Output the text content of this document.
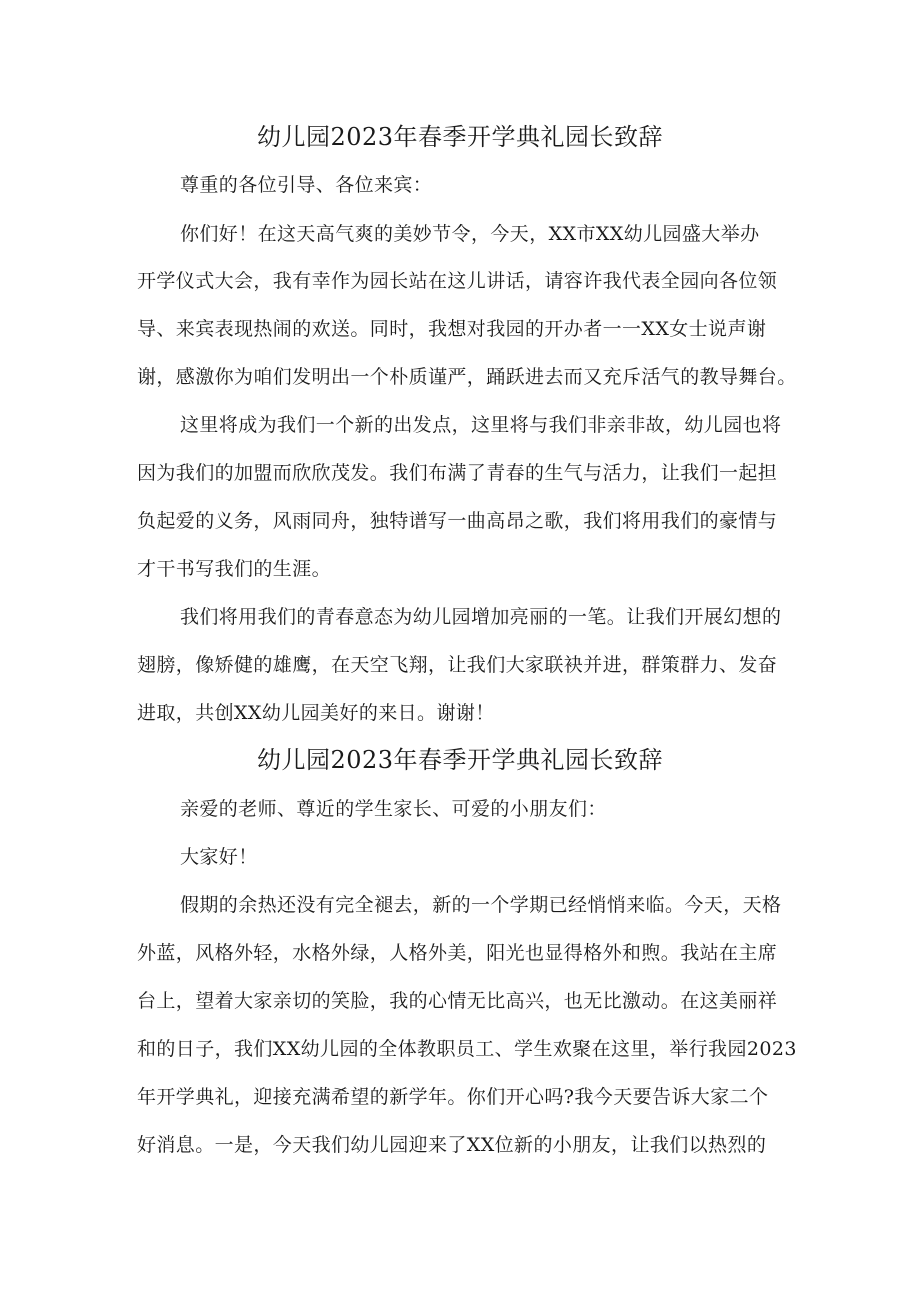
幼儿园2023年春季开学典礼园长致辞

尊重的各位引导、各位来宾：

你们好！在这天高气爽的美妙节令，今天，XX市XX幼儿园盛大举办

开学仪式大会，我有幸作为园长站在这儿讲话，请容许我代表全园向各位领

导、来宾表现热闹的欢送。同时，我想对我园的开办者一一XX女士说声谢

谢，感激你为咱们发明出一个朴质谨严，踊跃进去而又充斥活气的教导舞台。

这里将成为我们一个新的出发点，这里将与我们非亲非故，幼儿园也将

因为我们的加盟而欣欣茂发。我们布满了青春的生气与活力，让我们一起担

负起爱的义务，风雨同舟，独特谱写一曲高昂之歌，我们将用我们的豪情与

才干书写我们的生涯。

我们将用我们的青春意态为幼儿园增加亮丽的一笔。让我们开展幻想的

翅膀，像矫健的雄鹰，在天空飞翔，让我们大家联袂并进，群策群力、发奋

进取，共创XX幼儿园美好的来日。谢谢！

幼儿园2023年春季开学典礼园长致辞

亲爱的老师、尊近的学生家长、可爱的小朋友们：

大家好！

假期的余热还没有完全褪去，新的一个学期已经悄悄来临。今天，天格

外蓝，风格外轻，水格外绿，人格外美，阳光也显得格外和煦。我站在主席

台上，望着大家亲切的笑脸，我的心情无比高兴，也无比激动。在这美丽祥

和的日子，我们XX幼儿园的全体教职员工、学生欢聚在这里，举行我园2023

年开学典礼，迎接充满希望的新学年。你们开心吗?我今天要告诉大家二个

好消息。一是，今天我们幼儿园迎来了XX位新的小朋友，让我们以热烈的
